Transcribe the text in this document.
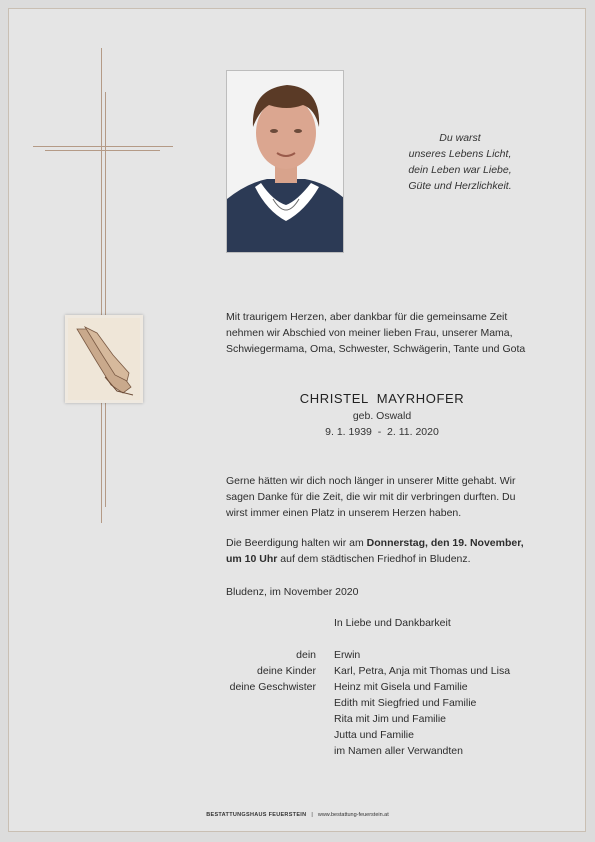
Du warst
unseres Lebens Licht,
dein Leben war Liebe,
Güte und Herzlichkeit.
Mit traurigem Herzen, aber dankbar für die gemeinsame Zeit
nehmen wir Abschied von meiner lieben Frau, unserer Mama,
Schwiegermama, Oma, Schwester, Schwägerin, Tante und Gota
CHRISTEL  MAYRHOFER
geb. Oswald
9. 1. 1939  -  2. 11. 2020
Gerne hätten wir dich noch länger in unserer Mitte gehabt. Wir
sagen Danke für die Zeit, die wir mit dir verbringen durften. Du
wirst immer einen Platz in unserem Herzen haben.
Die Beerdigung halten wir am Donnerstag, den 19. November,
um 10 Uhr auf dem städtischen Friedhof in Bludenz.
Bludenz, im November 2020
In Liebe und Dankbarkeit
dein Erwin
deine Kinder Karl, Petra, Anja mit Thomas und Lisa
deine Geschwister Heinz mit Gisela und Familie
Edith mit Siegfried und Familie
Rita mit Jim und Familie
Jutta und Familie
im Namen aller Verwandten
BESTATTUNGSHAUS FEUERSTEIN | www.bestattung-feuerstein.at
